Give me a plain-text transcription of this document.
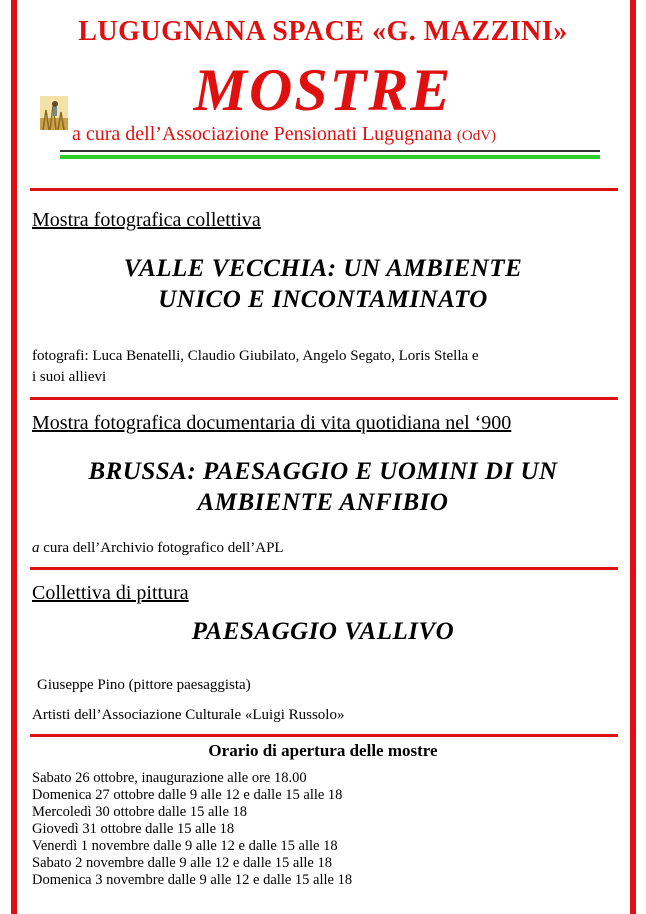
LUGUGNANA SPACE «G. MAZZINI»
MOSTRE
a cura dell’Associazione Pensionati Lugugnana (OdV)
Mostra fotografica collettiva
VALLE VECCHIA: UN AMBIENTE
UNICO E INCONTAMINATO
fotografi: Luca Benatelli, Claudio Giubilato, Angelo Segato, Loris Stella e
i suoi allievi
Mostra fotografica documentaria di vita quotidiana nel ‘900
BRUSSA: PAESAGGIO E UOMINI DI UN
AMBIENTE ANFIBIO
a cura dell’Archivio fotografico dell’APL
Collettiva di pittura
PAESAGGIO VALLIVO
Giuseppe Pino (pittore paesaggista)
Artisti dell’Associazione Culturale «Luigi Russolo»
Orario di apertura delle mostre
Sabato 26 ottobre, inaugurazione alle ore 18.00
Domenica 27 ottobre dalle 9 alle 12 e dalle 15 alle 18
Mercoledì 30 ottobre dalle 15 alle 18
Giovedì 31 ottobre dalle 15 alle 18
Venerdì 1 novembre dalle 9 alle 12 e dalle 15 alle 18
Sabato 2 novembre dalle 9 alle 12 e dalle 15 alle 18
Domenica 3 novembre dalle 9 alle 12 e dalle 15 alle 18
